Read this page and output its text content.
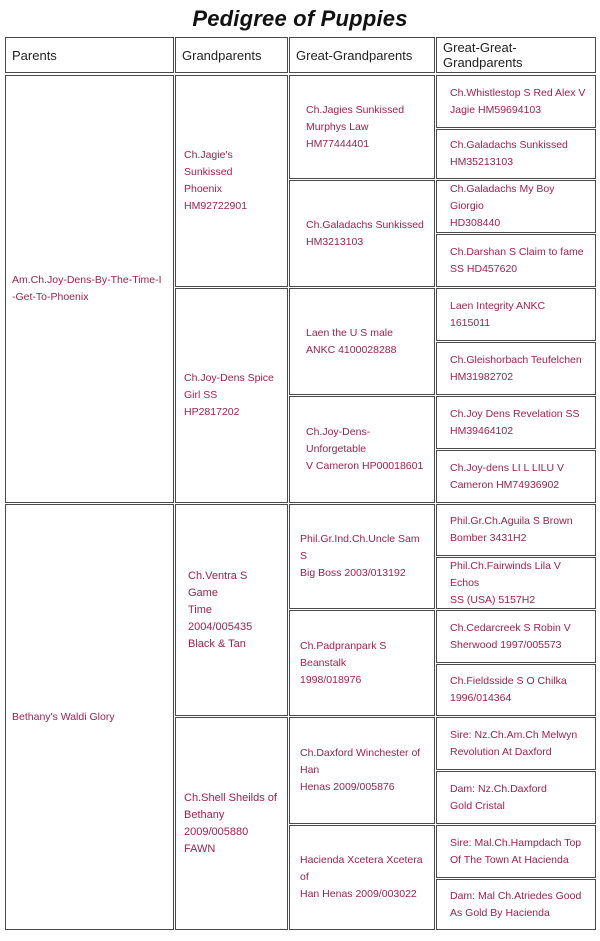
Pedigree of Puppies
Parents	Grandparents	Great-Grandparents Great-Great-Grandparents
Am.Ch.Joy-Dens-By-The-Time-I
-Get-To-Phoenix
Bethany's Waldi Glory
Ch.Jagie's Sunkissed
Phoenix
HM92722901
Ch.Joy-Dens Spice
Girl SS
HP2817202
Ch.Ventra S Game
Time
2004/005435
Black & Tan
Ch.Shell Sheilds of
Bethany
2009/005880 FAWN
Ch.Jagies Sunkissed
Murphys Law
HM77444401
Ch.Galadachs Sunkissed
HM3213103
Laen the U S male
ANKC 4100028288
Ch.Joy-Dens-Unforgetable
V Cameron HP00018601
Phil.Gr.Ind.Ch.Uncle Sam S
Big Boss 2003/013192
Ch.Padpranpark S Beanstalk
1998/018976
Ch.Daxford Winchester of Han
Henas 2009/005876
Hacienda Xcetera Xcetera of
Han Henas 2009/003022
Ch.Whistlestop S Red Alex V
Jagie HM59694103
Ch.Galadachs Sunkissed
HM35213103
Ch.Galadachs My Boy Giorgio
HD308440
Ch.Darshan S Claim to fame
SS HD457620
Laen Integrity ANKC 1615011
Ch.Gleishorbach Teufelchen
HM31982702
Ch.Joy Dens Revelation SS
HM39464102
Ch.Joy-dens LI L LILU V
Cameron HM74936902
Phil.Gr.Ch.Aguila S Brown
Bomber 3431H2
Phil.Ch.Fairwinds Lila V Echos
SS (USA) 5157H2
Ch.Cedarcreek S Robin V
Sherwood 1997/005573
Ch.Fieldsside S O Chilka
1996/014364
Sire: Nz.Ch.Am.Ch Melwyn
Revolution At Daxford
Dam: Nz.Ch.Daxford
Gold Cristal
Sire: Mal.Ch.Hampdach Top
Of The Town At Hacienda
Dam: Mal Ch.Atriedes Good
As Gold By Hacienda
